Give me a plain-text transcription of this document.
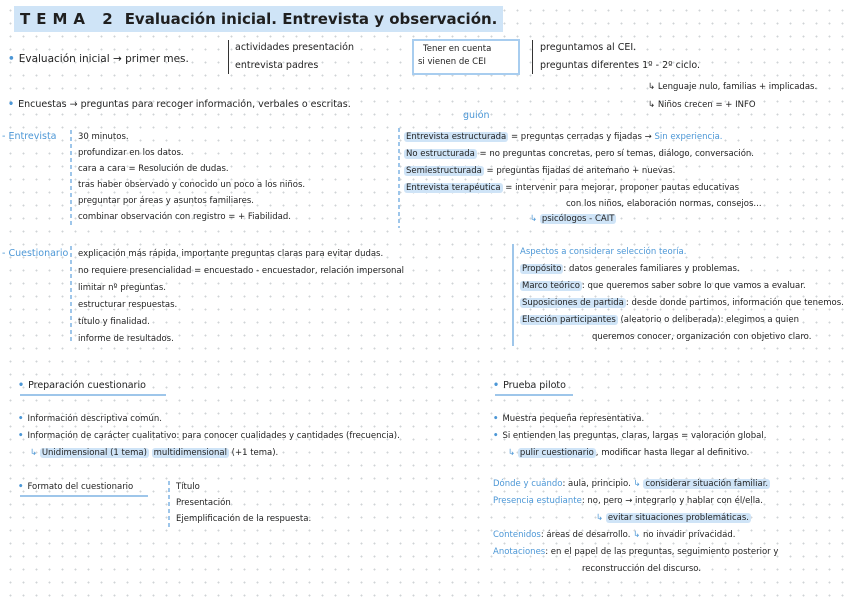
TEMA 2 Evaluación inicial. Entrevista y observación.
• Evaluación inicial → primer mes.
actividades presentación
entrevista padres
Tener en cuenta
si vienen de CEI
preguntamos al CEI.
preguntas diferentes 1º - 2º ciclo.
↳ Lenguaje nulo, familias + implicadas.
↳ Niños crecen = + INFO
• Encuestas → preguntas para recoger información, verbales o escritas.
- Entrevista	30 minutos.
profundizar en los datos.
cara a cara = Resolución de dudas.
tras haber observado y conocido un poco a los niños.
preguntar por áreas y asuntos familiares.
combinar observación con registro = + Fiabilidad.
guión
Entrevista estructurada = preguntas cerradas y fijadas → Sin experiencia.
No estructurada = no preguntas concretas, pero sí temas, diálogo, conversación.
Semiestructurada = preguntas fijadas de antemano + nuevas.
Entrevista terapéutica = intervenir para mejorar, proponer pautas educativas
con los niños, elaboración normas, consejos...
↳ psicólogos - CAIT
- Cuestionario explicación más rápida, importante preguntas claras para evitar dudas.
no requiere presencialidad = encuestado - encuestador, relación impersonal
limitar nº preguntas.
estructurar respuestas.
título y finalidad.
informe de resultados.
Aspectos a considerar selección teoría.
Propósito : datos generales familiares y problemas.
Marco teórico : que queremos saber sobre lo que vamos a evaluar.
Suposiciones de partida : desde donde partimos, información que tenemos.
Elección participantes (aleatorio o deliberada): elegimos a quien
queremos conocer, organización con objetivo claro.
• Preparación cuestionario
• Información descriptiva común.
• Información de carácter cualitativo: para conocer cualidades y cantidades (frecuencia).
↳ Unidimensional (1 tema) multidimensional (+1 tema).
• Formato del cuestionario	Título
Presentación
Ejemplificación de la respuesta.
• Prueba piloto
• Muestra pequeña representativa.
• Si entienden las preguntas, claras, largas = valoración global.
↳ pulir cuestionario , modificar hasta llegar al definitivo.
Dónde y cuándo: aula, principio. ↳ considerar situación familiar.
Presencia estudiante: no, pero → integrarlo y hablar con él/ella.
↳ evitar situaciones problemáticas.
Contenidos: áreas de desarrollo. ↳ no invadir privacidad.
Anotaciones: en el papel de las preguntas, seguimiento posterior y
reconstrucción del discurso.
